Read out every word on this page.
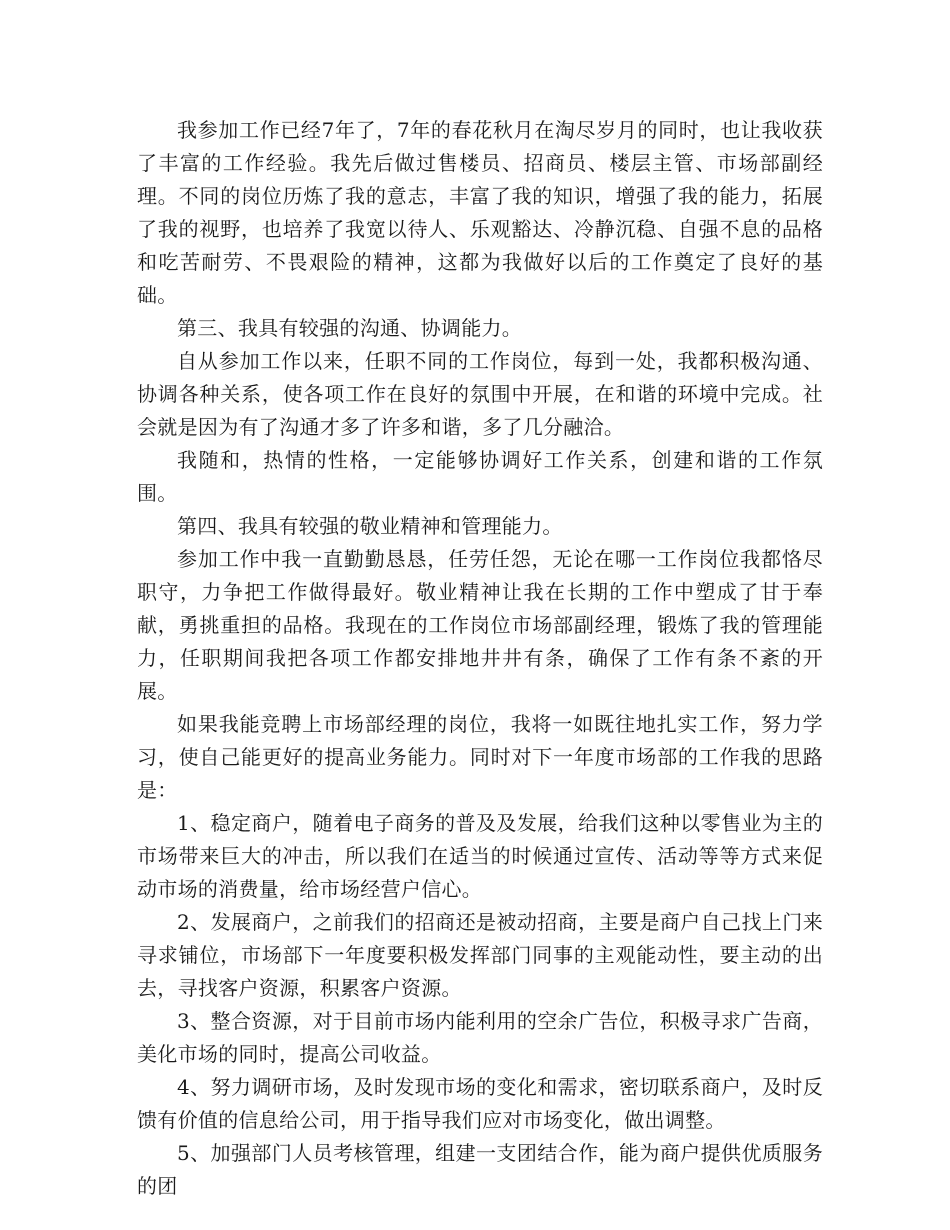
我参加工作已经7年了，7年的春花秋月在淘尽岁月的同时，也让我收获了丰富的工作经验。我先后做过售楼员、招商员、楼层主管、市场部副经理。不同的岗位历炼了我的意志，丰富了我的知识，增强了我的能力，拓展了我的视野，也培养了我宽以待人、乐观豁达、冷静沉稳、自强不息的品格和吃苦耐劳、不畏艰险的精神，这都为我做好以后的工作奠定了良好的基础。

第三、我具有较强的沟通、协调能力。

自从参加工作以来，任职不同的工作岗位，每到一处，我都积极沟通、协调各种关系，使各项工作在良好的氛围中开展，在和谐的环境中完成。社会就是因为有了沟通才多了许多和谐，多了几分融洽。

我随和，热情的性格，一定能够协调好工作关系，创建和谐的工作氛围。

第四、我具有较强的敬业精神和管理能力。

参加工作中我一直勤勤恳恳，任劳任怨，无论在哪一工作岗位我都恪尽职守，力争把工作做得最好。敬业精神让我在长期的工作中塑成了甘于奉献，勇挑重担的品格。我现在的工作岗位市场部副经理，锻炼了我的管理能力，任职期间我把各项工作都安排地井井有条，确保了工作有条不紊的开展。

如果我能竞聘上市场部经理的岗位，我将一如既往地扎实工作，努力学习，使自己能更好的提高业务能力。同时对下一年度市场部的工作我的思路是：

1、稳定商户，随着电子商务的普及及发展，给我们这种以零售业为主的市场带来巨大的冲击，所以我们在适当的时候通过宣传、活动等等方式来促动市场的消费量，给市场经营户信心。

2、发展商户，之前我们的招商还是被动招商，主要是商户自己找上门来寻求铺位，市场部下一年度要积极发挥部门同事的主观能动性，要主动的出去，寻找客户资源，积累客户资源。

3、整合资源，对于目前市场内能利用的空余广告位，积极寻求广告商，美化市场的同时，提高公司收益。

4、努力调研市场，及时发现市场的变化和需求，密切联系商户，及时反馈有价值的信息给公司，用于指导我们应对市场变化，做出调整。

5、加强部门人员考核管理，组建一支团结合作，能为商户提供优质服务的团
